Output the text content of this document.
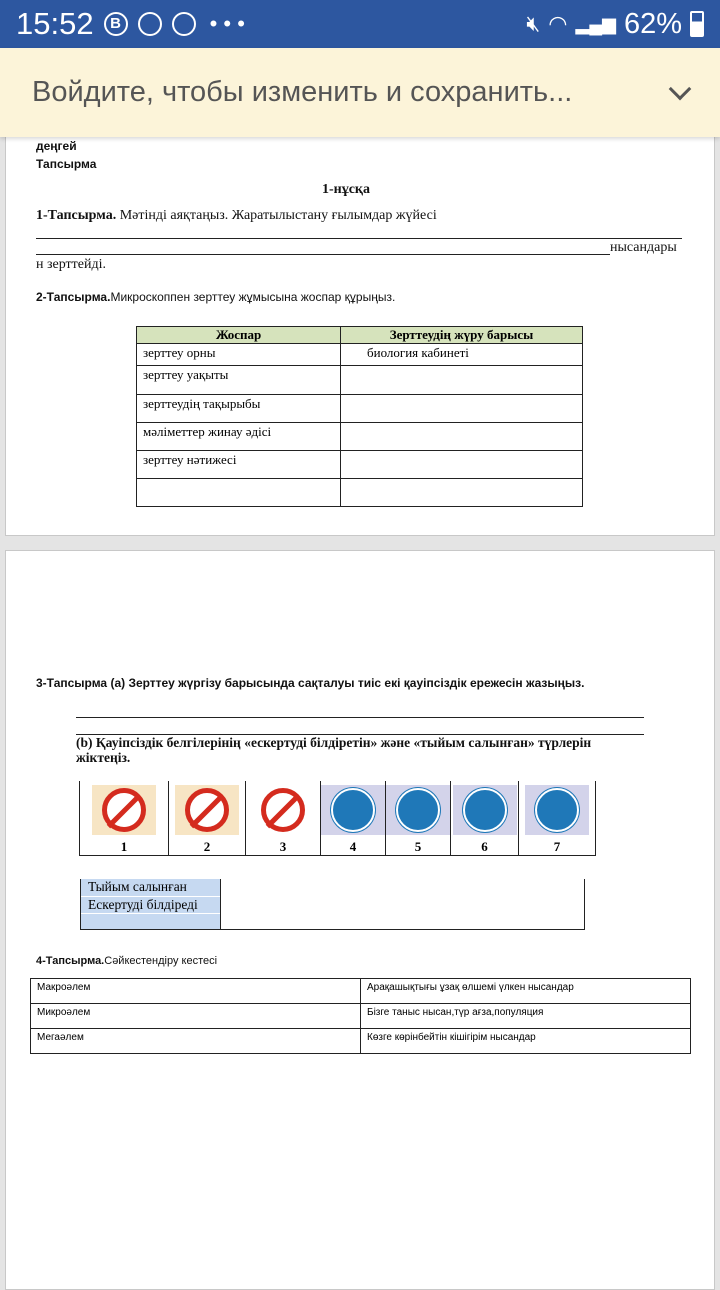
15:52	B	• • •	🔇︎ ◠ ▂▄▆ 62%
Войдите, чтобы изменить и сохранить...
деңгей
Тапсырма
1-нұсқа
1-Тапсырма. Мәтінді аяқтаңыз. Жаратылыстану ғылымдар жүйесі
нысандары
н зерттейді.
2-Тапсырма.Микроскоппен зерттеу жұмысына жоспар құрыңыз.
Жоспар	Зерттеудің жүру барысы
зерттеу орны	биология кабинеті
зерттеу уақыты	
зерттеудің тақырыбы	
мәліметтер жинау әдісі	
зерттеу нәтижесі	

3-Тапсырма (а) Зерттеу жүргізу барысында сақталуы тиіс екі қауіпсіздік ережесін жазыңыз.
(b) Қауіпсіздік белгілерінің «ескертуді білдіретін» және «тыйым салынған» түрлерін жіктеңіз.

1	2	3	4	5	6	7
Тыйым салынған	
Ескертуді білдіреді	

4-Тапсырма.Сәйкестендіру кестесі
Макроәлем	Арақашықтығы ұзақ өлшемі үлкен нысандар
Микроәлем	Бізге таныс нысан,түр ағза,популяция
Мегаәлем	Көзге көрінбейтін кішігірім нысандар
